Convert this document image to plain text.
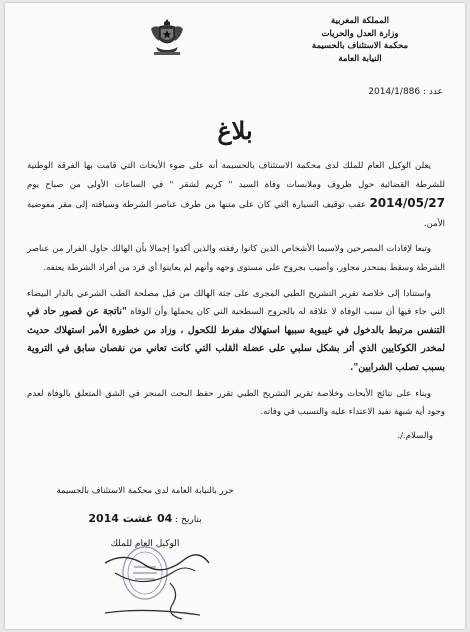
المملكة المغربية
وزارة العدل والحريات
محكمة الاستئناف بالحسيمة
النيابة العامة
عدد : 2014/1/886
بلاغ

يعلن الوكيل العام للملك لدى محكمة الاستئناف بالحسيمة أنه على ضوء الأبحاث التي قامت بها الفرقة الوطنية للشرطة القضائية حول ظروف وملابسات وفاة السيد " كريم لشقر " في الساعات الأولى من صباح يوم 2014/05/27 عقب توقيف السيارة التي كان على متنها من طرف عناصر الشرطة وسياقته إلى مقر مفوضية الأمن.

وتبعا لإفادات المصرحين ولاسيما الأشخاص الذين كانوا رفقته والذين أكدوا إجمالا بأن الهالك حاول الفرار من عناصر الشرطة وسقط بمنحدر مجاور، وأصيب بجروح على مستوى وجهه وأنهم لم يعاينوا أي فرد من أفراد الشرطة يعنفه.

واستنادا إلى خلاصة تقرير التشريح الطبي المجرى على جثة الهالك من قبل مصلحة الطب الشرعي بالدار البيضاء التي جاء فيها أن سبب الوفاة لا علاقة له بالجروح السطحية التي كان يحملها وأن الوفاة "ناتجة عن قصور حاد في التنفس مرتبط بالدخول في غيبوبة سببها استهلاك مفرط للكحول ، وزاد من خطورة الأمر استهلاك حديث لمخدر الكوكايين الذي أثر بشكل سلبي على عضلة القلب التي كانت تعاني من نقصان سابق في التروية بسبب تصلب الشرايين".

وبناء على نتائج الأبحاث وخلاصة تقرير التشريح الطبي تقرر حفظ البحث المنجز في الشق المتعلق بالوفاة لعدم وجود أية شبهة تفيد الاعتداء عليه والتسبب في وفاته.

والسلام./.

حرر بالنيابة العامة لدى محكمة الاستئناف بالحسيمة
بتاريخ : 04 غشت 2014
الوكيل العام للملك
